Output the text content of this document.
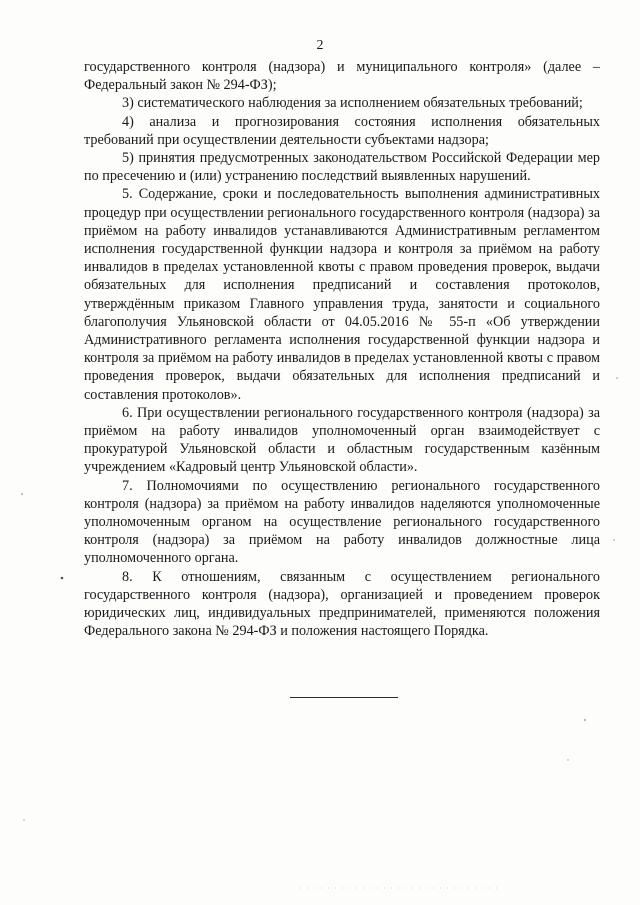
2

государственного контроля (надзора) и муниципального контроля» (далее – Федеральный закон № 294-ФЗ);

3) систематического наблюдения за исполнением обязательных требований;

4) анализа и прогнозирования состояния исполнения обязательных требований при осуществлении деятельности субъектами надзора;

5) принятия предусмотренных законодательством Российской Федерации мер по пресечению и (или) устранению последствий выявленных нарушений.

5. Содержание, сроки и последовательность выполнения административных процедур при осуществлении регионального государственного контроля (надзора) за приёмом на работу инвалидов устанавливаются Административным регламентом исполнения государственной функции надзора и контроля за приёмом на работу инвалидов в пределах установленной квоты с правом проведения проверок, выдачи обязательных для исполнения предписаний и составления протоколов, утверждённым приказом Главного управления труда, занятости и социального благополучия Ульяновской области от 04.05.2016 № 55-п «Об утверждении Административного регламента исполнения государственной функции надзора и контроля за приёмом на работу инвалидов в пределах установленной квоты с правом проведения проверок, выдачи обязательных для исполнения предписаний и составления протоколов».

6. При осуществлении регионального государственного контроля (надзора) за приёмом на работу инвалидов уполномоченный орган взаимодействует с прокуратурой Ульяновской области и областным государственным казённым учреждением «Кадровый центр Ульяновской области».

7. Полномочиями по осуществлению регионального государственного контроля (надзора) за приёмом на работу инвалидов наделяются уполномоченные уполномоченным органом на осуществление регионального государственного контроля (надзора) за приёмом на работу инвалидов должностные лица уполномоченного органа.

8. К отношениям, связанным с осуществлением регионального государственного контроля (надзора), организацией и проведением проверок юридических лиц, индивидуальных предпринимателей, применяются положения Федерального закона № 294-ФЗ и положения настоящего Порядка.
